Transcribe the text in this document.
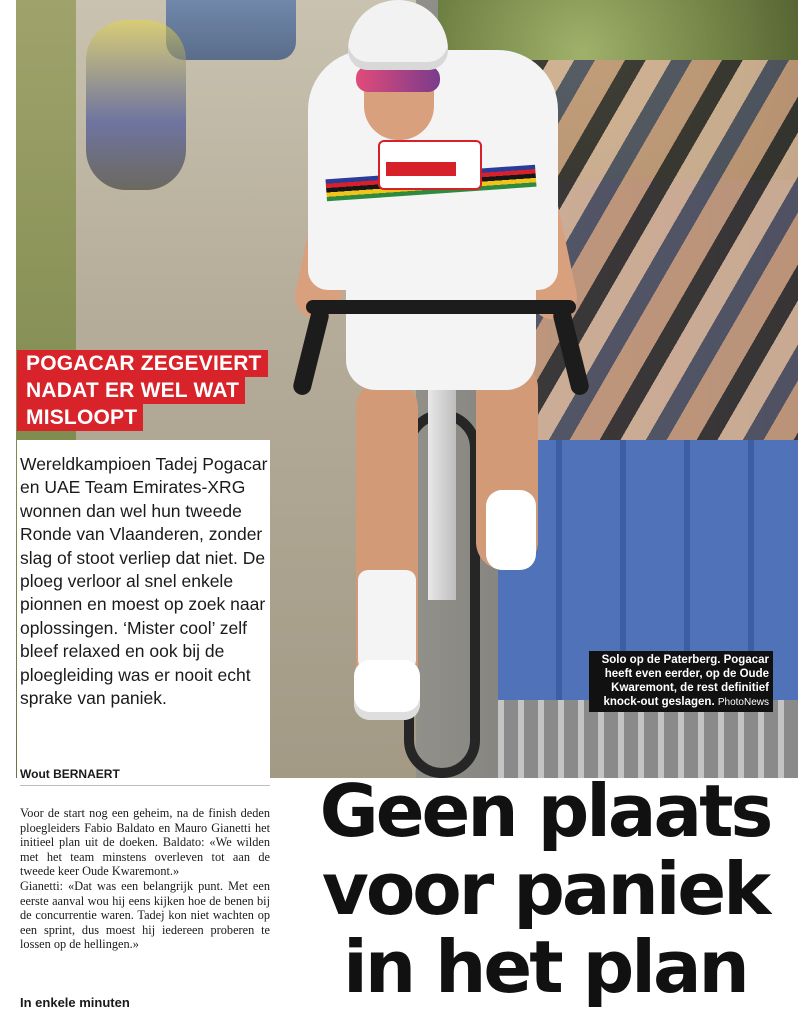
Solo op de Paterberg. Pogacar heeft even eerder, op de Oude Kwaremont, de rest definitief knock-out geslagen. PhotoNews
POGACAR ZEGEVIERT
NADAT ER WEL WAT
MISLOOPT

Wereldkampioen Tadej Pogacar en UAE Team Emirates-XRG wonnen dan wel hun tweede Ronde van Vlaanderen, zonder slag of stoot verliep dat niet. De ploeg verloor al snel enkele pionnen en moest op zoek naar oplossingen. ‘Mister cool’ zelf bleef relaxed en ook bij de ploegleiding was er nooit echt sprake van paniek.

Wout BERNAERT

Voor de start nog een geheim, na de finish deden ploegleiders Fabio Baldato en Mauro Gianetti het initieel plan uit de doeken. Baldato: «We wilden met het team minstens overleven tot aan de tweede keer Oude Kwaremont.»

Gianetti: «Dat was een belangrijk punt. Met een eerste aanval wou hij eens kijken hoe de benen bij de concurrentie waren. Tadej kon niet wachten op een sprint, dus moest hij iedereen proberen te lossen op de hellingen.»

In enkele minuten

Geen plaats
voor paniek
in het plan
